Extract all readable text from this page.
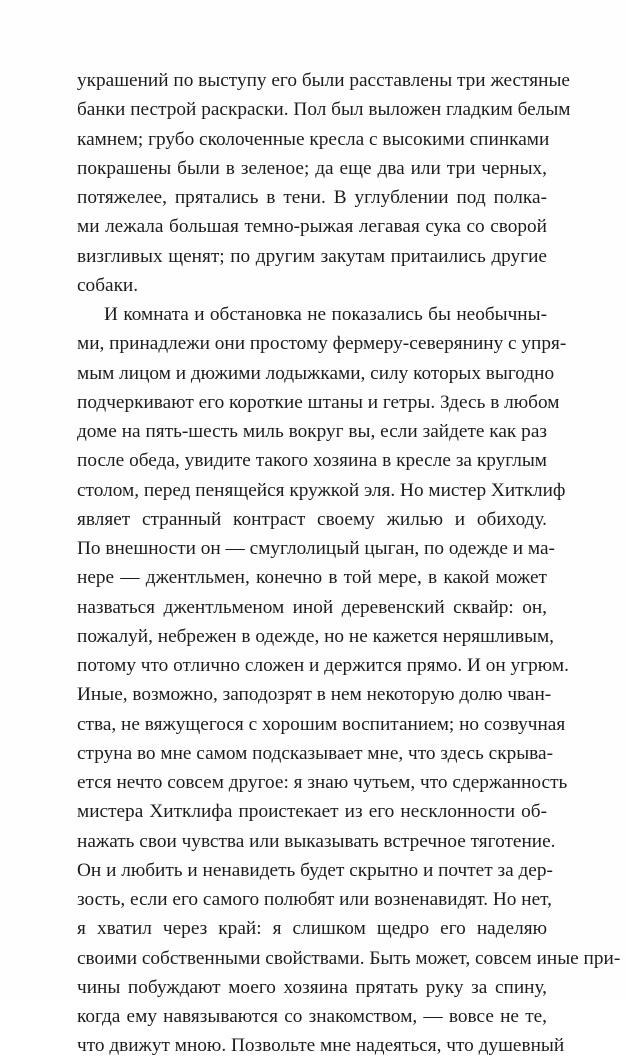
украшений по выступу его были расставлены три жестяные
банки пестрой раскраски. Пол был выложен гладким белым
камнем; грубо сколоченные кресла с высокими спинками
покрашены были в зеленое; да еще два или три черных,
потяжелее, прятались в тени. В углублении под полка-
ми лежала большая темно-рыжая легавая сука со сворой
визгливых щенят; по другим закутам притаились другие
собаки.
И комната и обстановка не показались бы необычны-
ми, принадлежи они простому фермеру-северянину с упря-
мым лицом и дюжими лодыжками, силу которых выгодно
подчеркивают его короткие штаны и гетры. Здесь в любом
доме на пять-шесть миль вокруг вы, если зайдете как раз
после обеда, увидите такого хозяина в кресле за круглым
столом, перед пенящейся кружкой эля. Но мистер Хитклиф
являет странный контраст своему жилью и обиходу.
По внешности он — смуглолицый цыган, по одежде и ма-
нере — джентльмен, конечно в той мере, в какой может
назваться джентльменом иной деревенский сквайр: он,
пожалуй, небрежен в одежде, но не кажется неряшливым,
потому что отлично сложен и держится прямо. И он угрюм.
Иные, возможно, заподозрят в нем некоторую долю чван-
ства, не вяжущегося с хорошим воспитанием; но созвучная
струна во мне самом подсказывает мне, что здесь скрыва-
ется нечто совсем другое: я знаю чутьем, что сдержанность
мистера Хитклифа проистекает из его несклонности об-
нажать свои чувства или выказывать встречное тяготение.
Он и любить и ненавидеть будет скрытно и почтет за дер-
зость, если его самого полюбят или возненавидят. Но нет,
я хватил через край: я слишком щедро его наделяю
своими собственными свойствами. Быть может, совсем иные при-
чины побуждают моего хозяина прятать руку за спину,
когда ему навязываются со знакомством, — вовсе не те,
что движут мною. Позвольте мне надеяться, что душевный
